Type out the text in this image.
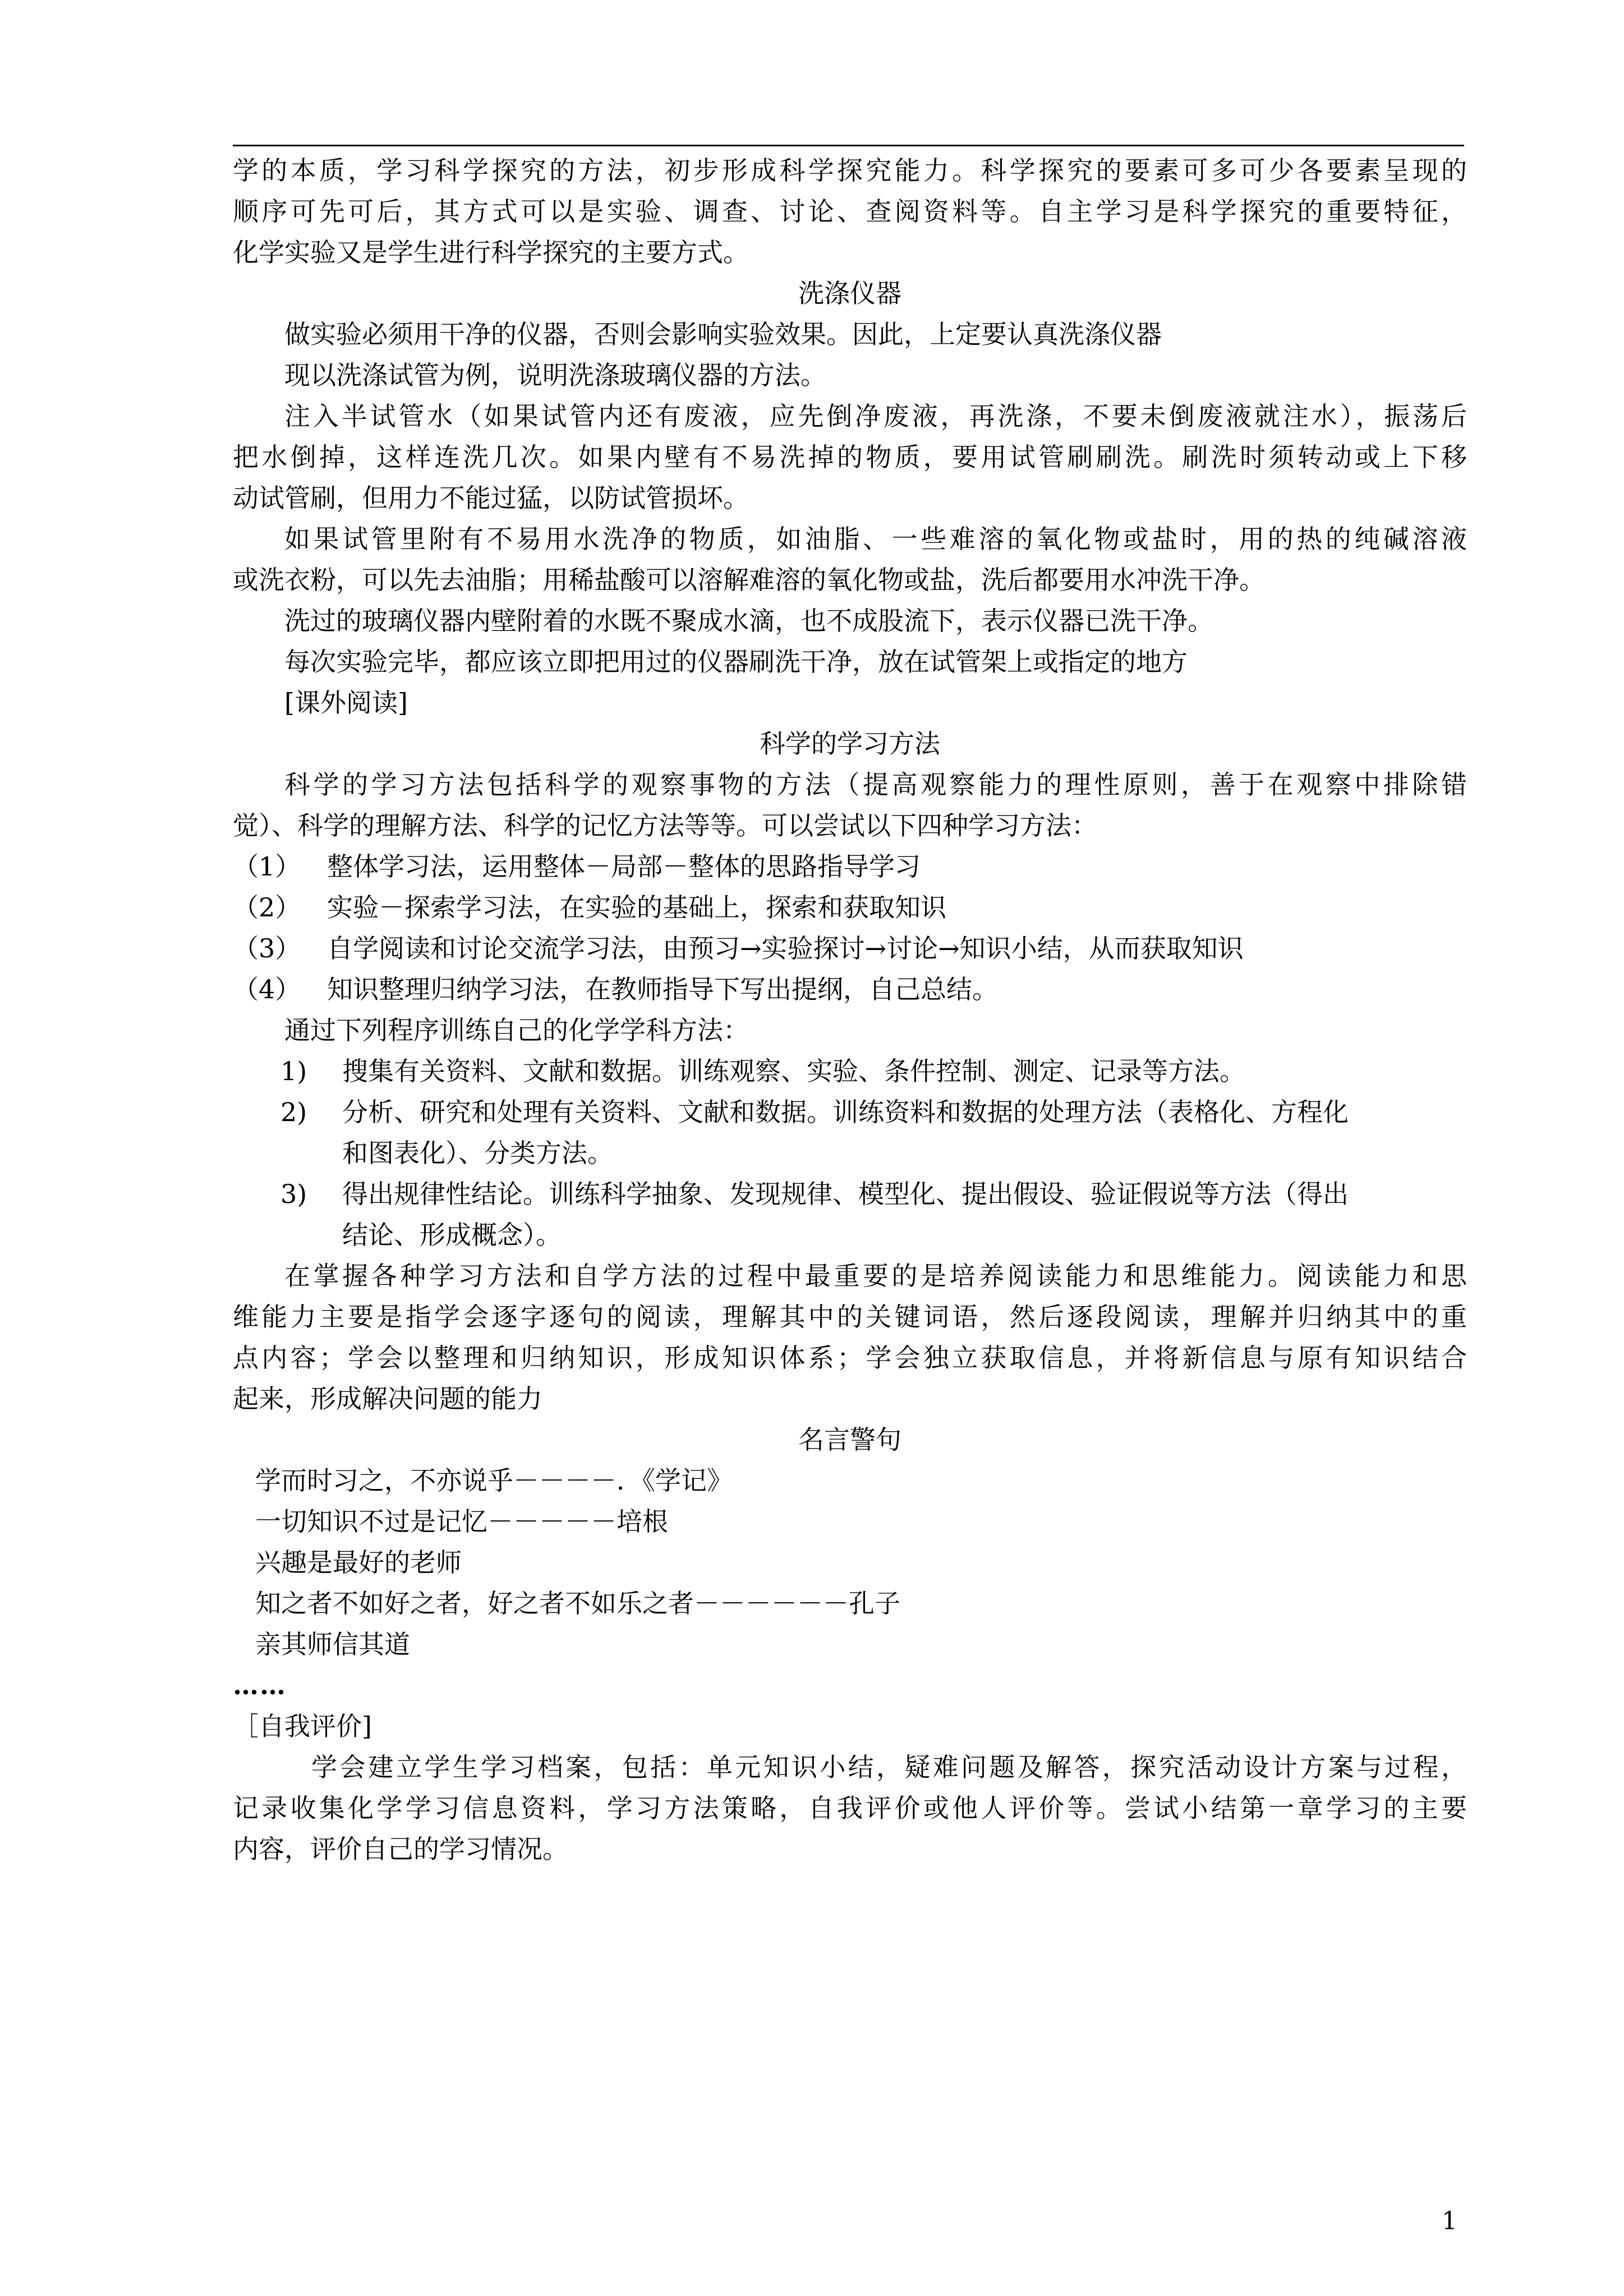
学的本质，学习科学探究的方法，初步形成科学探究能力。科学探究的要素可多可少各要素呈现的
顺序可先可后，其方式可以是实验、调查、讨论、查阅资料等。自主学习是科学探究的重要特征，
化学实验又是学生进行科学探究的主要方式。
洗涤仪器
做实验必须用干净的仪器，否则会影响实验效果。因此，上定要认真洗涤仪器
现以洗涤试管为例，说明洗涤玻璃仪器的方法。
注入半试管水（如果试管内还有废液，应先倒净废液，再洗涤，不要未倒废液就注水），振荡后
把水倒掉，这样连洗几次。如果内壁有不易洗掉的物质，要用试管刷刷洗。刷洗时须转动或上下移
动试管刷，但用力不能过猛，以防试管损坏。
如果试管里附有不易用水洗净的物质，如油脂、一些难溶的氧化物或盐时，用的热的纯碱溶液
或洗衣粉，可以先去油脂；用稀盐酸可以溶解难溶的氧化物或盐，洗后都要用水冲洗干净。
洗过的玻璃仪器内壁附着的水既不聚成水滴，也不成股流下，表示仪器已洗干净。
每次实验完毕，都应该立即把用过的仪器刷洗干净，放在试管架上或指定的地方
[课外阅读]
科学的学习方法
科学的学习方法包括科学的观察事物的方法（提高观察能力的理性原则，善于在观察中排除错
觉）、科学的理解方法、科学的记忆方法等等。可以尝试以下四种学习方法：
（1）	整体学习法，运用整体－局部－整体的思路指导学习
（2）	实验－探索学习法，在实验的基础上，探索和获取知识
（3）	自学阅读和讨论交流学习法，由预习→实验探讨→讨论→知识小结，从而获取知识
（4）	知识整理归纳学习法，在教师指导下写出提纲，自己总结。
通过下列程序训练自己的化学学科方法：
1)	搜集有关资料、文献和数据。训练观察、实验、条件控制、测定、记录等方法。
2)	分析、研究和处理有关资料、文献和数据。训练资料和数据的处理方法（表格化、方程化
和图表化）、分类方法。
3)	得出规律性结论。训练科学抽象、发现规律、模型化、提出假设、验证假说等方法（得出
结论、形成概念）。
在掌握各种学习方法和自学方法的过程中最重要的是培养阅读能力和思维能力。阅读能力和思
维能力主要是指学会逐字逐句的阅读，理解其中的关键词语，然后逐段阅读，理解并归纳其中的重
点内容；学会以整理和归纳知识，形成知识体系；学会独立获取信息，并将新信息与原有知识结合
起来，形成解决问题的能力
名言警句
学而时习之，不亦说乎－－－－．《学记》
一切知识不过是记忆－－－－－培根
兴趣是最好的老师
知之者不如好之者，好之者不如乐之者－－－－－－孔子
亲其师信其道
……
［自我评价]
学会建立学生学习档案，包括：单元知识小结，疑难问题及解答，探究活动设计方案与过程，
记录收集化学学习信息资料，学习方法策略，自我评价或他人评价等。尝试小结第一章学习的主要
内容，评价自己的学习情况。
1
